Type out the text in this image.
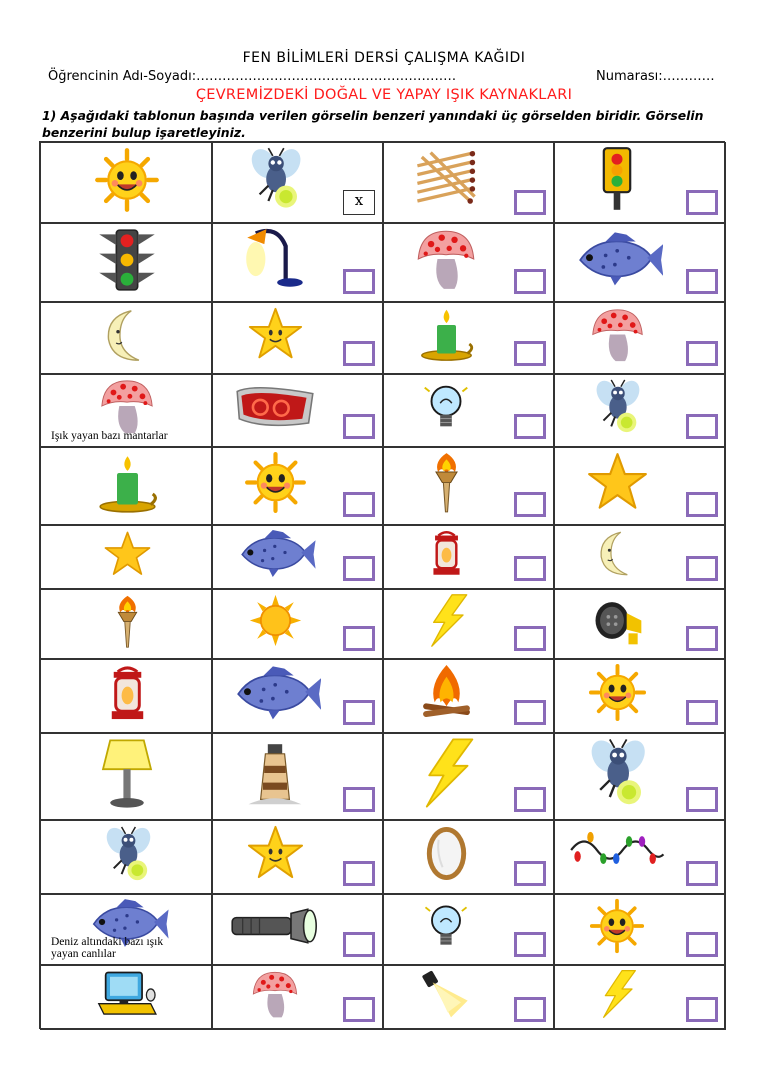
FEN BİLİMLERİ DERSİ ÇALIŞMA KAĞIDI
Öğrencinin Adı-Soyadı:……………………………………………………	Numarası:…………
ÇEVREMİZDEKİ DOĞAL VE YAPAY IŞIK KAYNAKLARI
1) Aşağıdaki tablonun başında verilen görselin benzeri yanındaki üç görselden biridir. Görselin benzerini bulup işaretleyiniz.
x
Işık yayan bazı mantarlar
Deniz altındaki bazı ışık yayan canlılar
